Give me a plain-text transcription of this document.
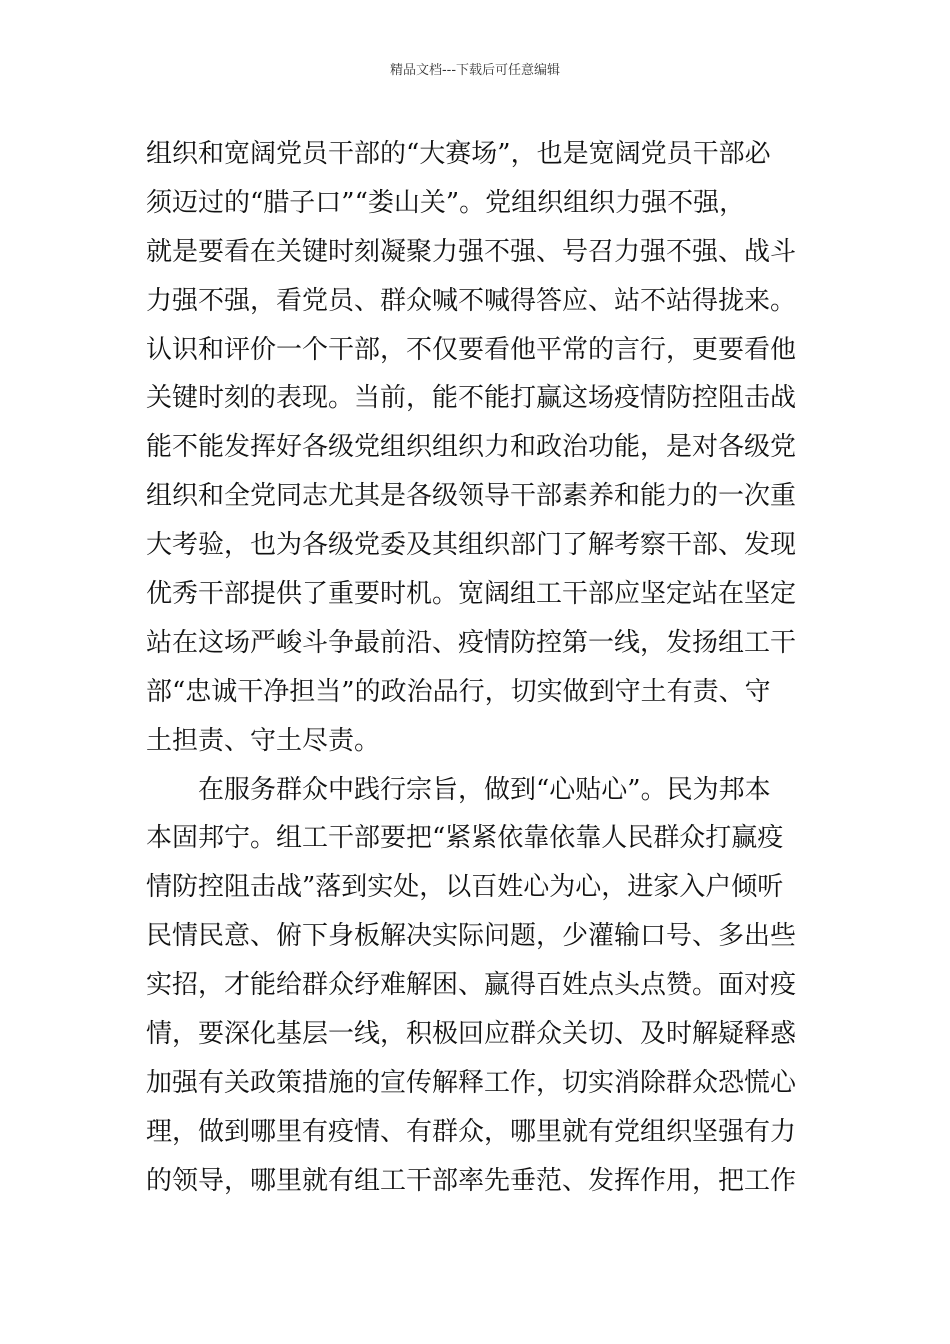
精品文档---下载后可任意编辑
组织和宽阔党员干部的“大赛场”，也是宽阔党员干部必
须迈过的“腊子口”“娄山关”。党组织组织力强不强，
就是要看在关键时刻凝聚力强不强、号召力强不强、战斗
力强不强，看党员、群众喊不喊得答应、站不站得拢来。
认识和评价一个干部，不仅要看他平常的言行，更要看他
关键时刻的表现。当前，能不能打赢这场疫情防控阻击战
能不能发挥好各级党组织组织力和政治功能，是对各级党
组织和全党同志尤其是各级领导干部素养和能力的一次重
大考验，也为各级党委及其组织部门了解考察干部、发现
优秀干部提供了重要时机。宽阔组工干部应坚定站在坚定
站在这场严峻斗争最前沿、疫情防控第一线，发扬组工干
部“忠诚干净担当”的政治品行，切实做到守土有责、守
土担责、守土尽责。
在服务群众中践行宗旨，做到“心贴心”。民为邦本
本固邦宁。组工干部要把“紧紧依靠依靠人民群众打赢疫
情防控阻击战”落到实处，以百姓心为心，进家入户倾听
民情民意、俯下身板解决实际问题，少灌输口号、多出些
实招，才能给群众纾难解困、赢得百姓点头点赞。面对疫
情，要深化基层一线，积极回应群众关切、及时解疑释惑
加强有关政策措施的宣传解释工作，切实消除群众恐慌心
理，做到哪里有疫情、有群众，哪里就有党组织坚强有力
的领导，哪里就有组工干部率先垂范、发挥作用，把工作
